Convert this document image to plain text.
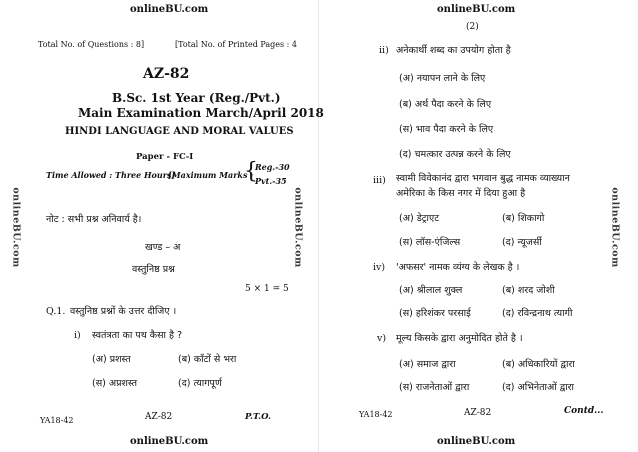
onlineBU.com
Total No. of Questions : 8]	[Total No. of Printed Pages : 4
AZ-82
B.Sc. 1st Year (Reg./Pvt.)
Main Examination March/April 2018
HINDI LANGUAGE AND MORAL VALUES
Paper - FC-I
Time Allowed : Three Hours]
[Maximum Marks :
{
Reg.-30
Pvt.-35
नोट : सभी प्रश्न अनिवार्य है।
खण्ड – अ
वस्तुनिष्ठ प्रश्न
5 × 1 = 5
Q.1. वस्तुनिष्ठ प्रश्नों के उत्तर दीजिए ।
i) स्वतंत्रता का पथ कैसा है ?
(अ) प्रशस्त	(ब) काँटों से भरा
(स) अप्रशस्त	(द) त्यागपूर्ण
YA18-42	AZ-82	P.T.O.
onlineBU.com
onlineBU.com	onlineBU.com
onlineBU.com
(2)
ii) अनेकार्थी शब्द का उपयोग होता है
(अ) नयापन लाने के लिए
(ब) अर्थ पैदा करने के लिए
(स) भाव पैदा करने के लिए
(द) चमत्कार उत्पन्न करने के लिए
iii) स्वामी विवेकानंद द्वारा भगवान बुद्ध नामक व्याख्यान
अमेरिका के किस नगर में दिया हुआ है
(अ) डेट्राएट	(ब) शिकागो
(स) लॉस-एंजिल्स	(द) न्यूजर्सी
iv) 'अफसर' नामक व्यंग्य के लेखक है ।
(अ) श्रीलाल शुक्ल	(ब) शरद जोशी
(स) हरिशंकर परसाई	(द) रविन्द्रनाथ त्यागी
v) मूल्य किसके द्वारा अनुमोदित होते है ।
(अ) समाज द्वारा	(ब) अधिकारियों द्वारा
(स) राजनेताओं द्वारा	(द) अभिनेताओं द्वारा
YA18-42	AZ-82	Contd...
onlineBU.com
onlineBU.com
